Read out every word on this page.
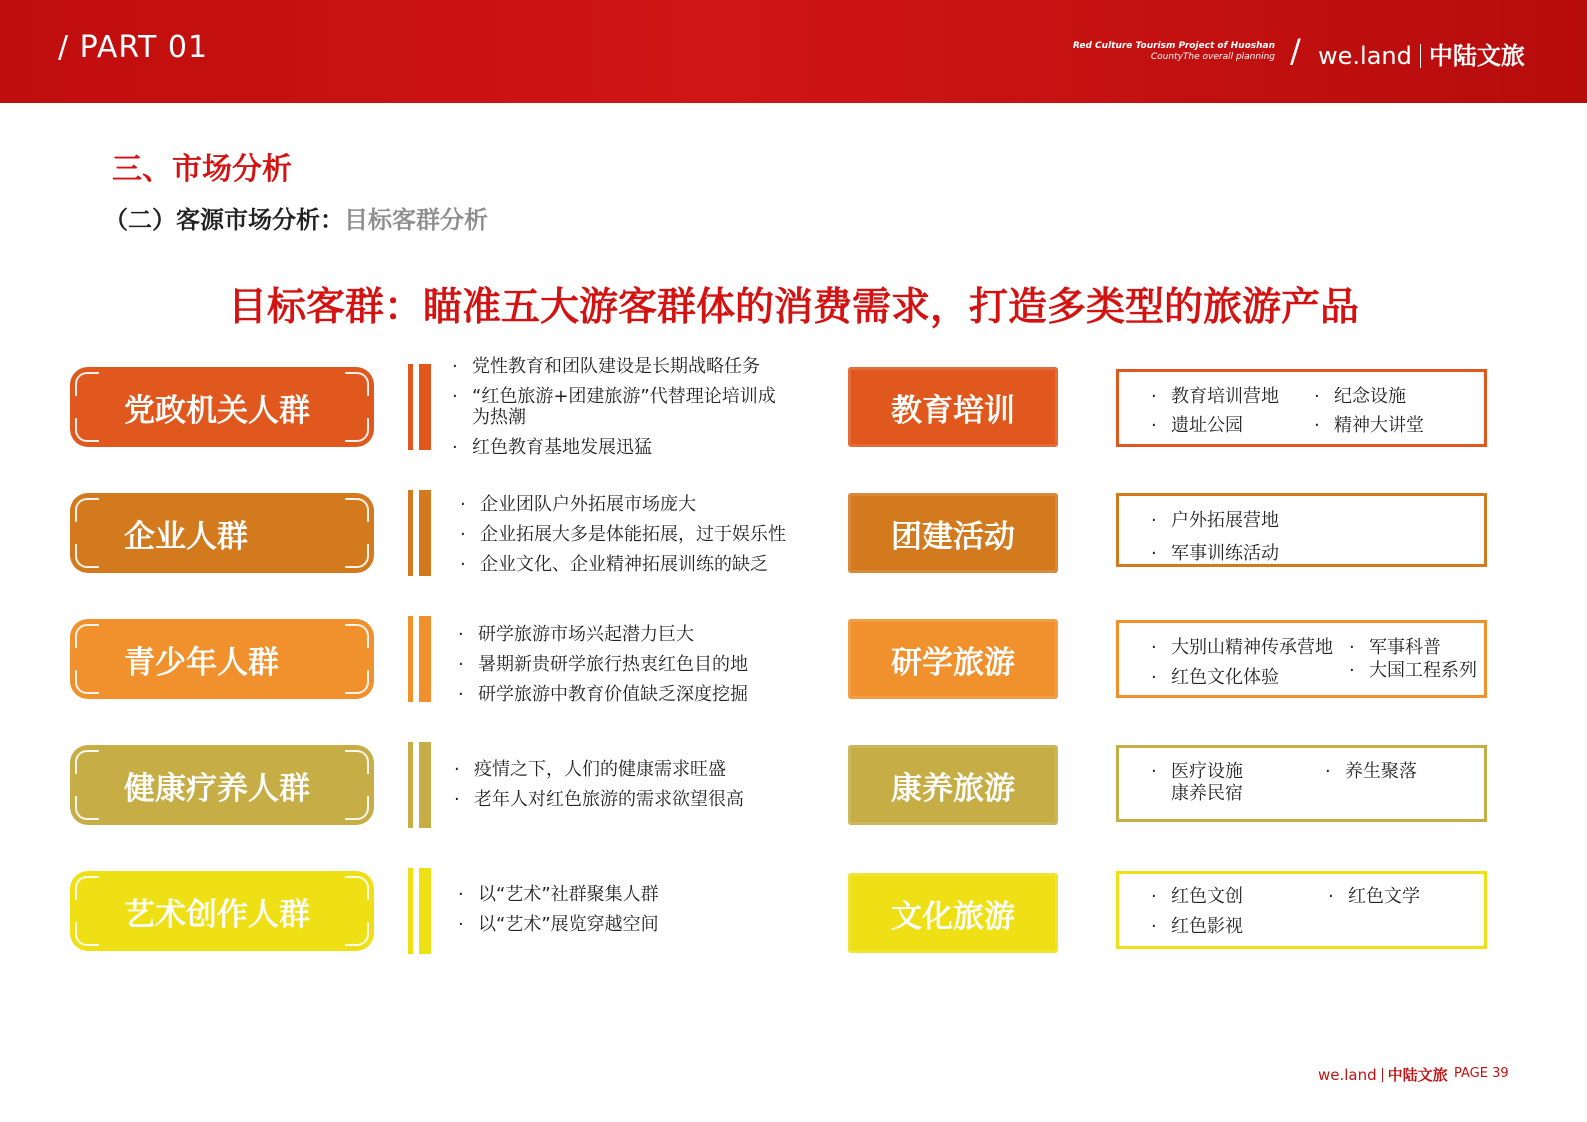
/ PART 01	Red Culture Tourism Project of Huoshan
CountyThe overall planning / we.land 中陆文旅
三、市场分析
（二）客源市场分析：目标客群分析
目标客群：瞄准五大游客群体的消费需求，打造多类型的旅游产品
党政机关人群
· 党性教育和团队建设是长期战略任务
· “红色旅游+团建旅游”代替理论培训成为热潮
· 红色教育基地发展迅猛
教育培训	· 教育培训营地	· 纪念设施
· 遗址公园	· 精神大讲堂
企业人群
· 企业团队户外拓展市场庞大
· 企业拓展大多是体能拓展，过于娱乐性
· 企业文化、企业精神拓展训练的缺乏
团建活动	· 户外拓展营地
· 军事训练活动
青少年人群
· 研学旅游市场兴起潜力巨大
· 暑期新贵研学旅行热衷红色目的地
· 研学旅游中教育价值缺乏深度挖掘
研学旅游	· 大别山精神传承营地	· 军事科普
· 红色文化体验	· 大国工程系列
健康疗养人群
· 疫情之下，人们的健康需求旺盛
· 老年人对红色旅游的需求欲望很高	康养旅游	· 医疗设施	· 养生聚落
康养民宿
艺术创作人群
· 以“艺术”社群聚集人群
· 以“艺术”展览穿越空间	文化旅游
· 红色文创	· 红色文学
· 红色影视
we.land 中陆文旅 PAGE 39
